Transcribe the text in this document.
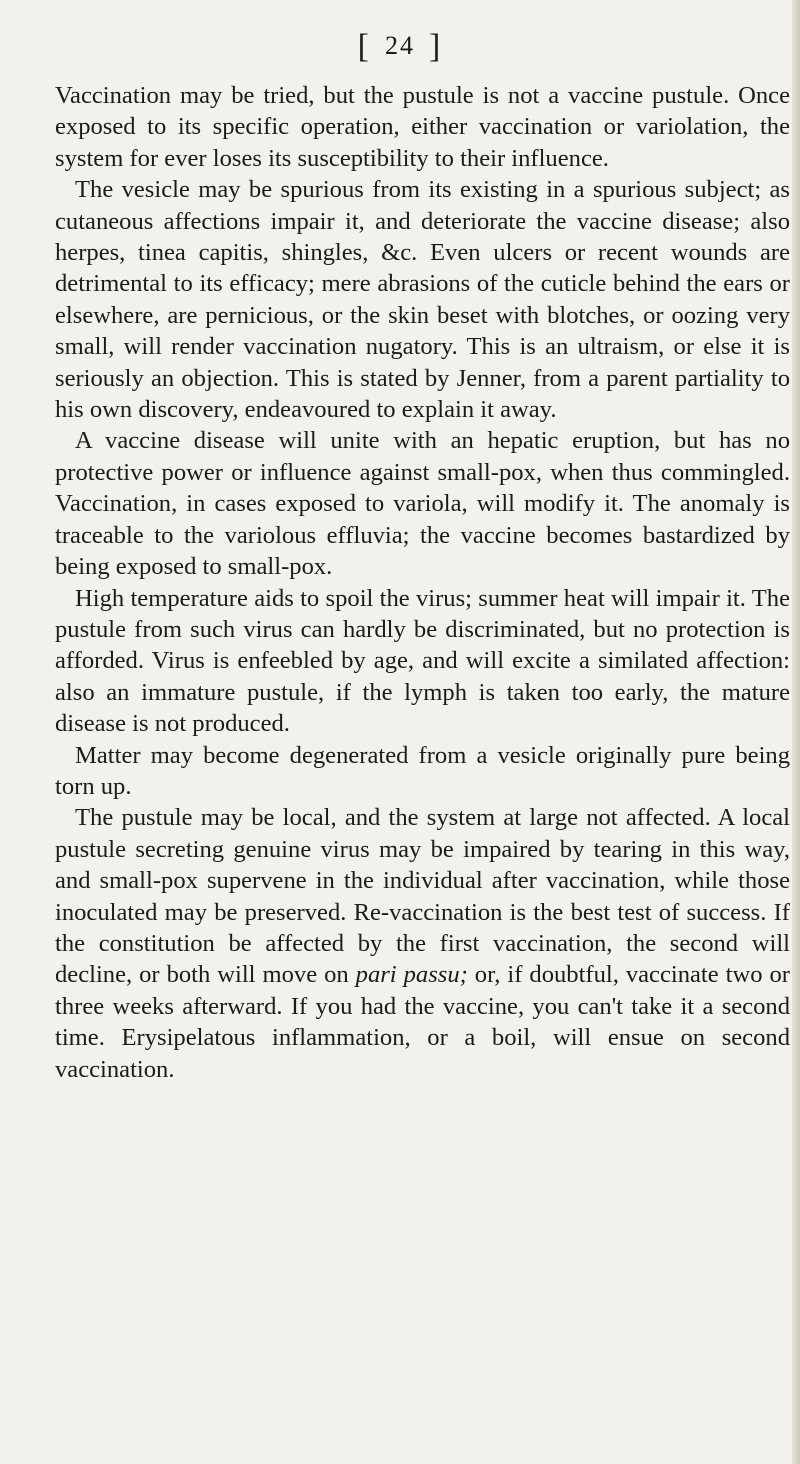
[ 24 ]

Vaccination may be tried, but the pustule is not a vaccine pustule. Once exposed to its specific operation, either vaccination or variolation, the system for ever loses its susceptibility to their influence.

The vesicle may be spurious from its existing in a spurious subject; as cutaneous affections impair it, and deteriorate the vaccine disease; also herpes, tinea capitis, shingles, &c. Even ulcers or recent wounds are detrimental to its efficacy; mere abrasions of the cuticle behind the ears or elsewhere, are pernicious, or the skin beset with blotches, or oozing very small, will render vaccination nugatory. This is an ultraism, or else it is seriously an objection. This is stated by Jenner, from a parent partiality to his own discovery, endeavoured to explain it away.

A vaccine disease will unite with an hepatic eruption, but has no protective power or influence against small-pox, when thus commingled. Vaccination, in cases exposed to variola, will modify it. The anomaly is traceable to the variolous effluvia; the vaccine becomes bastardized by being exposed to small-pox.

High temperature aids to spoil the virus; summer heat will impair it. The pustule from such virus can hardly be discriminated, but no protection is afforded. Virus is enfeebled by age, and will excite a similated affection: also an immature pustule, if the lymph is taken too early, the mature disease is not produced.

Matter may become degenerated from a vesicle originally pure being torn up.

The pustule may be local, and the system at large not affected. A local pustule secreting genuine virus may be impaired by tearing in this way, and small-pox supervene in the individual after vaccination, while those inoculated may be preserved. Re-vaccination is the best test of success. If the constitution be affected by the first vaccination, the second will decline, or both will move on pari passu; or, if doubtful, vaccinate two or three weeks afterward. If you had the vaccine, you can't take it a second time. Erysipelatous inflammation, or a boil, will ensue on second vaccination.
